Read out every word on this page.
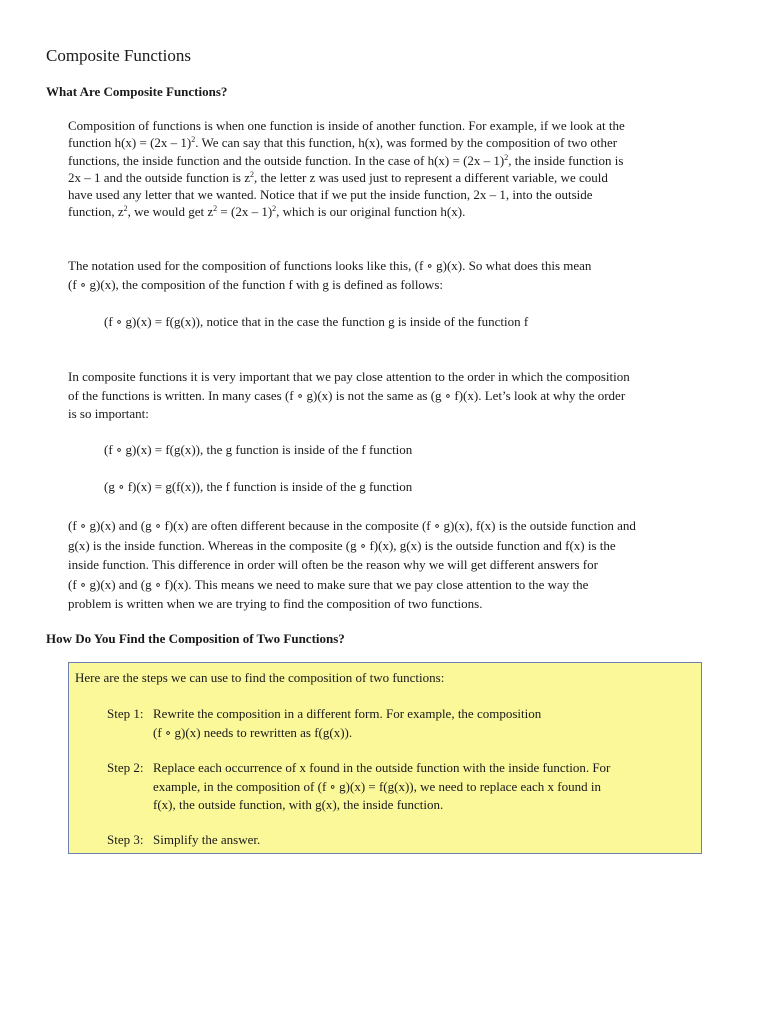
Composite Functions
What Are Composite Functions?
Composition of functions is when one function is inside of another function. For example, if we look at the
function h(x) = (2x – 1)$^2$. We can say that this function, h(x), was formed by the composition of two other
functions, the inside function and the outside function. In the case of h(x) = (2x – 1)$^2$, the inside function is
2x – 1 and the outside function is $z^2$, the letter z was used just to represent a different variable, we could
have used any letter that we wanted. Notice that if we put the inside function, 2x – 1, into the outside
function, $z^2$, we would get $z^2 = (2x - 1)^2$, which is our original function h(x).
The notation used for the composition of functions looks like this, (f ∘ g)(x). So what does this mean
(f ∘ g)(x), the composition of the function f with g is defined as follows:

(f ∘ g)(x) = f(g(x)), notice that in the case the function g is inside of the function f

In composite functions it is very important that we pay close attention to the order in which the composition
of the functions is written. In many cases (f ∘ g)(x) is not the same as (g ∘ f)(x). Let’s look at why the order
is so important:

(f ∘ g)(x) = f(g(x)), the g function is inside of the f function

(g ∘ f)(x) = g(f(x)), the f function is inside of the g function

(f ∘ g)(x) and (g ∘ f)(x) are often different because in the composite (f ∘ g)(x), f(x) is the outside function and
g(x) is the inside function. Whereas in the composite (g ∘ f)(x), g(x) is the outside function and f(x) is the
inside function. This difference in order will often be the reason why we will get different answers for
(f ∘ g)(x) and (g ∘ f)(x). This means we need to make sure that we pay close attention to the way the
problem is written when we are trying to find the composition of two functions.
How Do You Find the Composition of Two Functions?
Here are the steps we can use to find the composition of two functions:
Step 1: Rewrite the composition in a different form. For example, the composition
(f ∘ g)(x) needs to rewritten as f(g(x)).
Step 2: Replace each occurrence of x found in the outside function with the inside function. For
example, in the composition of (f ∘ g)(x) = f(g(x)), we need to replace each x found in
f(x), the outside function, with g(x), the inside function.
Step 3: Simplify the answer.
